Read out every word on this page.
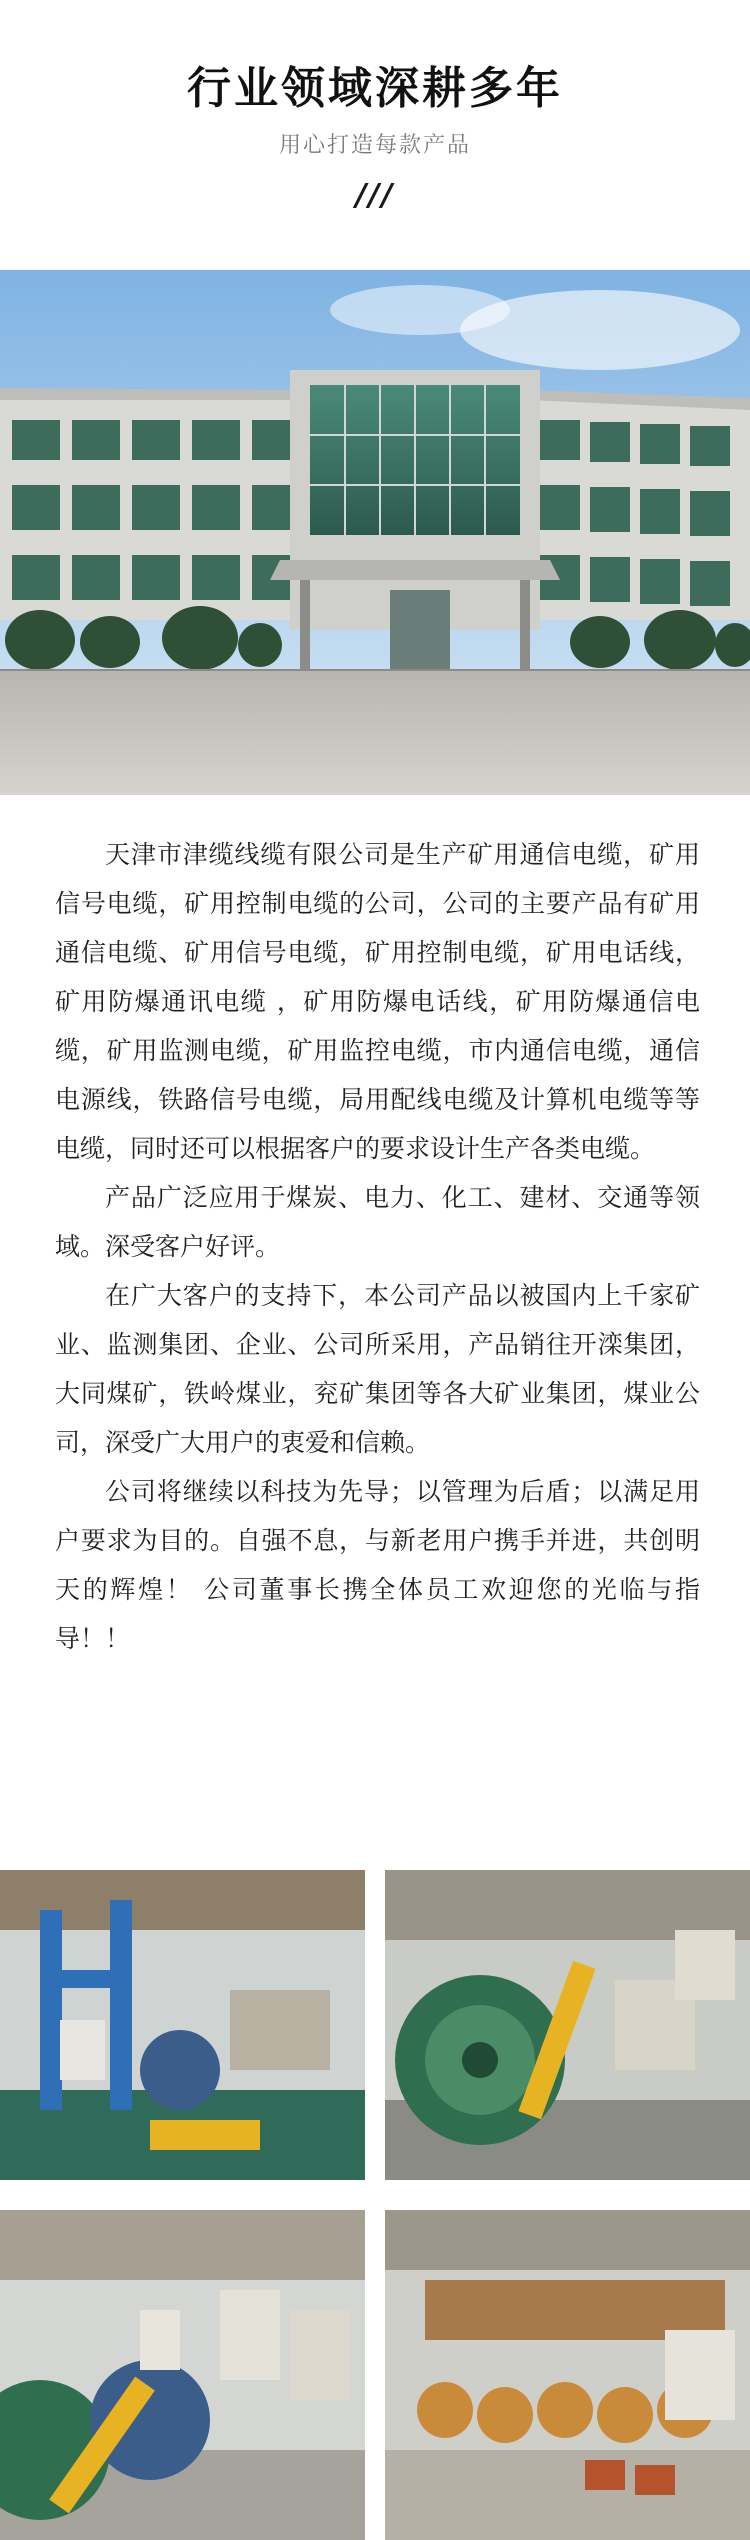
行业领域深耕多年
用心打造每款产品
///

天津市津缆线缆有限公司是生产矿用通信电缆，矿用信号电缆，矿用控制电缆的公司，公司的主要产品有矿用通信电缆、矿用信号电缆，矿用控制电缆，矿用电话线，矿用防爆通讯电缆 ，矿用防爆电话线，矿用防爆通信电缆，矿用监测电缆，矿用监控电缆，市内通信电缆，通信电源线，铁路信号电缆，局用配线电缆及计算机电缆等等电缆，同时还可以根据客户的要求设计生产各类电缆。

产品广泛应用于煤炭、电力、化工、建材、交通等领域。深受客户好评。

在广大客户的支持下，本公司产品以被国内上千家矿业、监测集团、企业、公司所采用，产品销往开滦集团，大同煤矿，铁岭煤业，兖矿集团等各大矿业集团，煤业公司，深受广大用户的衷爱和信赖。

公司将继续以科技为先导；以管理为后盾；以满足用户要求为目的。自强不息，与新老用户携手并进，共创明天的辉煌！ 公司董事长携全体员工欢迎您的光临与指导！！
